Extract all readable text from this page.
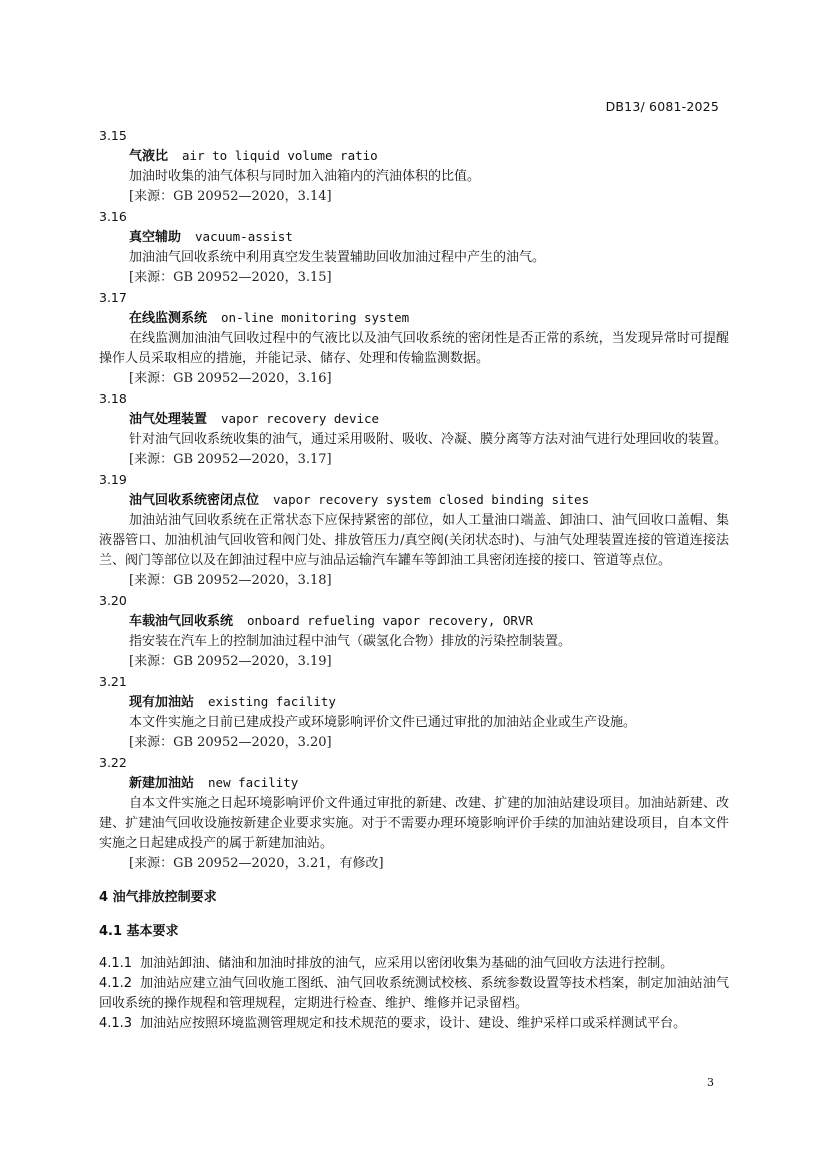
DB13/ 6081-2025
3.15
气液比 air to liquid volume ratio

加油时收集的油气体积与同时加入油箱内的汽油体积的比值。

[来源：GB 20952—2020，3.14]

3.16
真空辅助 vacuum-assist

加油油气回收系统中利用真空发生装置辅助回收加油过程中产生的油气。

[来源：GB 20952—2020，3.15]

3.17
在线监测系统 on-line monitoring system

在线监测加油油气回收过程中的气液比以及油气回收系统的密闭性是否正常的系统，当发现异常时可提醒操作人员采取相应的措施，并能记录、储存、处理和传输监测数据。

[来源：GB 20952—2020，3.16]

3.18
油气处理装置 vapor recovery device

针对油气回收系统收集的油气，通过采用吸附、吸收、冷凝、膜分离等方法对油气进行处理回收的装置。

[来源：GB 20952—2020，3.17]

3.19
油气回收系统密闭点位 vapor recovery system closed binding sites

加油站油气回收系统在正常状态下应保持紧密的部位，如人工量油口端盖、卸油口、油气回收口盖帽、集液器管口、加油机油气回收管和阀门处、排放管压力/真空阀(关闭状态时)、与油气处理装置连接的管道连接法兰、阀门等部位以及在卸油过程中应与油品运输汽车罐车等卸油工具密闭连接的接口、管道等点位。

[来源：GB 20952—2020，3.18]

3.20
车载油气回收系统 onboard refueling vapor recovery, ORVR

指安装在汽车上的控制加油过程中油气（碳氢化合物）排放的污染控制装置。

[来源：GB 20952—2020，3.19]

3.21
现有加油站 existing facility

本文件实施之日前已建成投产或环境影响评价文件已通过审批的加油站企业或生产设施。

[来源：GB 20952—2020，3.20]

3.22
新建加油站 new facility

自本文件实施之日起环境影响评价文件通过审批的新建、改建、扩建的加油站建设项目。加油站新建、改建、扩建油气回收设施按新建企业要求实施。对于不需要办理环境影响评价手续的加油站建设项目，自本文件实施之日起建成投产的属于新建加油站。

[来源：GB 20952—2020，3.21，有修改]

4 油气排放控制要求
4.1 基本要求

4.1.1 加油站卸油、储油和加油时排放的油气，应采用以密闭收集为基础的油气回收方法进行控制。

4.1.2 加油站应建立油气回收施工图纸、油气回收系统测试校核、系统参数设置等技术档案，制定加油站油气回收系统的操作规程和管理规程，定期进行检查、维护、维修并记录留档。

4.1.3 加油站应按照环境监测管理规定和技术规范的要求，设计、建设、维护采样口或采样测试平台。

3
